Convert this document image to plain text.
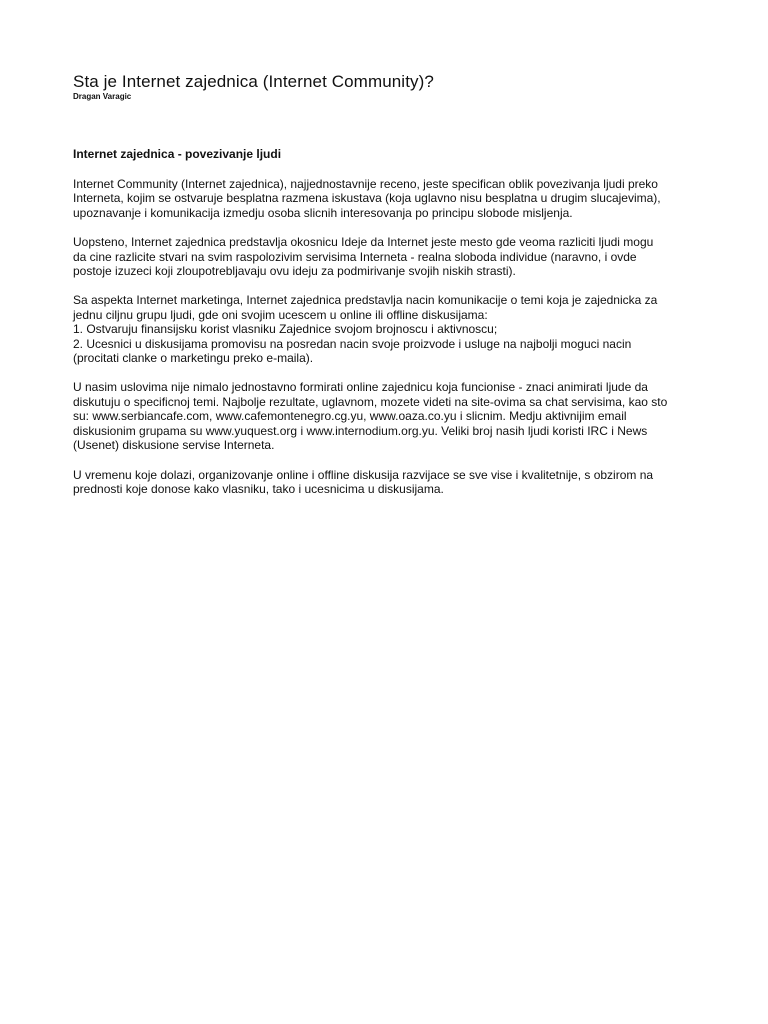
Sta je Internet zajednica (Internet Community)?
Dragan Varagic
Internet zajednica - povezivanje ljudi

Internet Community (Internet zajednica), najjednostavnije receno, jeste specifican oblik povezivanja ljudi preko
Interneta, kojim se ostvaruje besplatna razmena iskustava (koja uglavno nisu besplatna u drugim slucajevima),
upoznavanje i komunikacija izmedju osoba slicnih interesovanja po principu slobode misljenja.

Uopsteno, Internet zajednica predstavlja okosnicu Ideje da Internet jeste mesto gde veoma razliciti ljudi mogu
da cine razlicite stvari na svim raspolozivim servisima Interneta - realna sloboda individue (naravno, i ovde
postoje izuzeci koji zloupotrebljavaju ovu ideju za podmirivanje svojih niskih strasti).

Sa aspekta Internet marketinga, Internet zajednica predstavlja nacin komunikacije o temi koja je zajednicka za
jednu ciljnu grupu ljudi, gde oni svojim ucescem u online ili offline diskusijama:
1. Ostvaruju finansijsku korist vlasniku Zajednice svojom brojnoscu i aktivnoscu;
2. Ucesnici u diskusijama promovisu na posredan nacin svoje proizvode i usluge na najbolji moguci nacin
(procitati clanke o marketingu preko e-maila).

U nasim uslovima nije nimalo jednostavno formirati online zajednicu koja funcionise - znaci animirati ljude da
diskutuju o specificnoj temi. Najbolje rezultate, uglavnom, mozete videti na site-ovima sa chat servisima, kao sto
su: www.serbiancafe.com, www.cafemontenegro.cg.yu, www.oaza.co.yu i slicnim. Medju aktivnijim email
diskusionim grupama su www.yuquest.org i www.internodium.org.yu. Veliki broj nasih ljudi koristi IRC i News
(Usenet) diskusione servise Interneta.

U vremenu koje dolazi, organizovanje online i offline diskusija razvijace se sve vise i kvalitetnije, s obzirom na
prednosti koje donose kako vlasniku, tako i ucesnicima u diskusijama.
